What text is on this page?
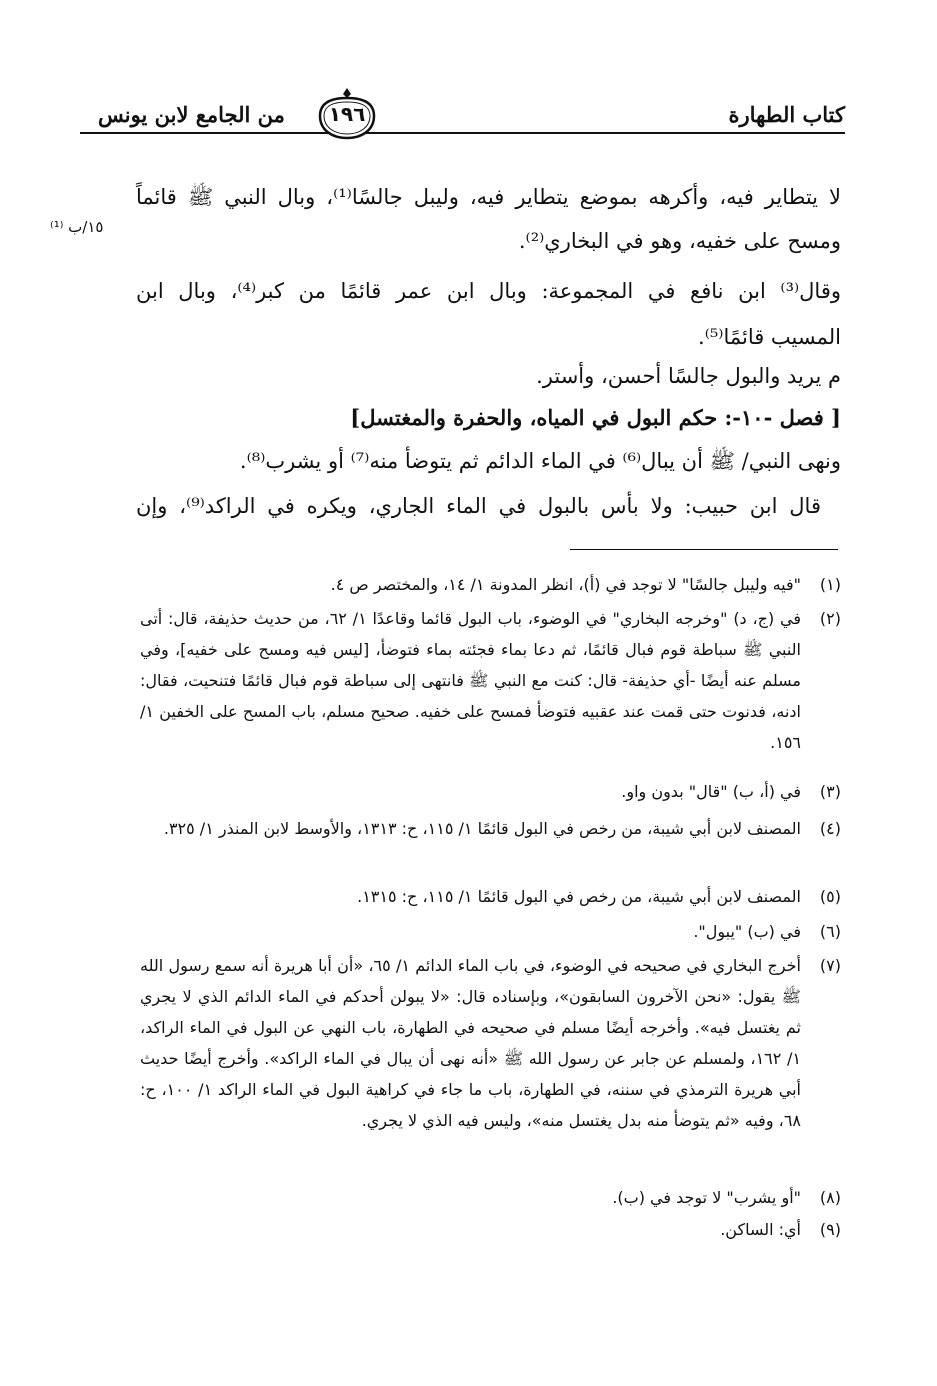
كتاب الطهارة
من الجامع لابن يونس	١٩٦
١٥/ب ⁽¹⁾
لا يتطاير فيه، وأكرهه بموضع يتطاير فيه، وليبل جالسًا⁽¹⁾، وبال النبي ﷺ قائماً
ومسح على خفيه، وهو في البخاري⁽²⁾.
وقال⁽³⁾ ابن نافع في المجموعة: وبال ابن عمر قائمًا من كبر⁽⁴⁾، وبال ابن
المسيب قائمًا⁽⁵⁾.
م يريد والبول جالسًا أحسن، وأستر.
[ فصل -١٠-: حكم البول في المياه، والحفرة والمغتسل]
ونهى النبي/ ﷺ أن يبال⁽⁶⁾ في الماء الدائم ثم يتوضأ منه⁽⁷⁾ أو يشرب⁽⁸⁾.
قال ابن حبيب: ولا بأس بالبول في الماء الجاري، ويكره في الراكد⁽⁹⁾، وإن
(١)
"فيه وليبل جالسًا" لا توجد في (أ)، انظر المدونة ١/ ١٤، والمختصر ص ٤.
(٢)
في (ج، د) "وخرجه البخاري" في الوضوء، باب البول قائما وقاعدًا ١/ ٦٢، من حديث حذيفة، قال: أتى النبي ﷺ سباطة قوم فبال قائمًا، ثم دعا بماء فجئته بماء فتوضأ، [ليس فيه ومسح على خفيه]، وفي مسلم عنه أيضًا -أي حذيفة- قال: كنت مع النبي ﷺ فانتهى إلى سباطة قوم فبال قائمًا فتنحيت، فقال: ادنه، فدنوت حتى قمت عند عقبيه فتوضأ فمسح على خفيه. صحيح مسلم، باب المسح على الخفين ١/ ١٥٦.
(٣)
في (أ، ب) "قال" بدون واو.
(٤)
المصنف لابن أبي شيبة، من رخص في البول قائمًا ١/ ١١٥، ح: ١٣١٣، والأوسط لابن المنذر ١/ ٣٢٥.
(٥)
المصنف لابن أبي شيبة، من رخص في البول قائمًا ١/ ١١٥، ح: ١٣١٥.
(٦)
في (ب) "يبول".
(٧)
أخرج البخاري في صحيحه في الوضوء، في باب الماء الدائم ١/ ٦٥، «أن أبا هريرة أنه سمع رسول الله ﷺ يقول: «نحن الآخرون السابقون»، وبإسناده قال: «لا يبولن أحدكم في الماء الدائم الذي لا يجري ثم يغتسل فيه». وأخرجه أيضًا مسلم في صحيحه في الطهارة، باب النهي عن البول في الماء الراكد، ١/ ١٦٢، ولمسلم عن جابر عن رسول الله ﷺ «أنه نهى أن يبال في الماء الراكد». وأخرج أيضًا حديث أبي هريرة الترمذي في سننه، في الطهارة، باب ما جاء في كراهية البول في الماء الراكد ١/ ١٠٠، ح: ٦٨، وفيه «ثم يتوضأ منه بدل يغتسل منه»، وليس فيه الذي لا يجري.
(٨)
"أو يشرب" لا توجد في (ب).
(٩)
أي: الساكن.
